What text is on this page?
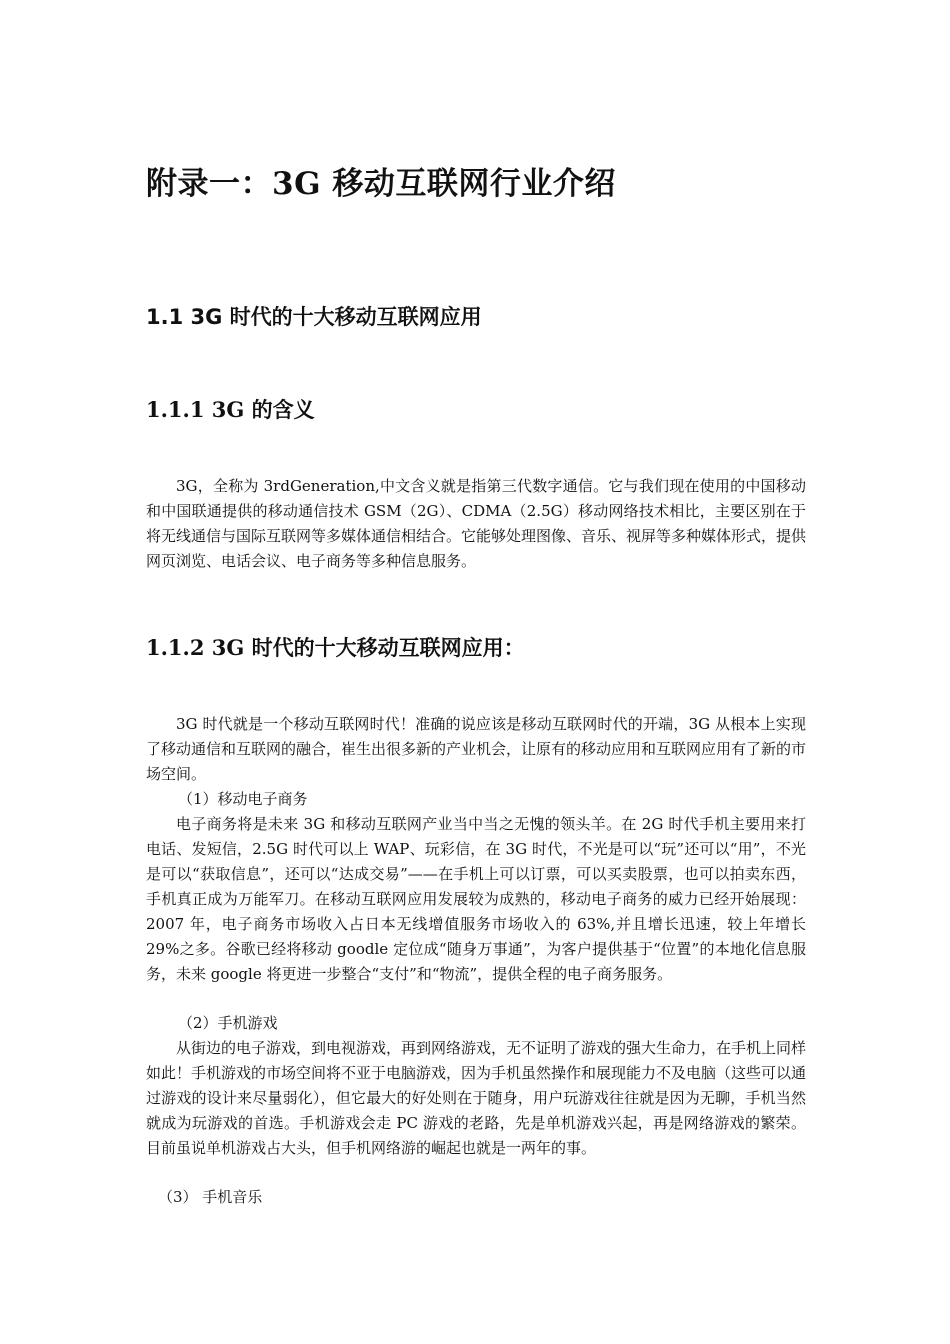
附录一：3G 移动互联网行业介绍
1.1 3G 时代的十大移动互联网应用
1.1.1 3G 的含义

3G，全称为 3rdGeneration,中文含义就是指第三代数字通信。它与我们现在使用的中国移动和中国联通提供的移动通信技术 GSM（2G）、CDMA（2.5G）移动网络技术相比，主要区别在于将无线通信与国际互联网等多媒体通信相结合。它能够处理图像、音乐、视屏等多种媒体形式，提供网页浏览、电话会议、电子商务等多种信息服务。

1.1.2 3G 时代的十大移动互联网应用：

3G 时代就是一个移动互联网时代！准确的说应该是移动互联网时代的开端，3G 从根本上实现了移动通信和互联网的融合，崔生出很多新的产业机会，让原有的移动应用和互联网应用有了新的市场空间。

（1）移动电子商务

电子商务将是未来 3G 和移动互联网产业当中当之无愧的领头羊。在 2G 时代手机主要用来打电话、发短信，2.5G 时代可以上 WAP、玩彩信，在 3G 时代，不光是可以“玩”还可以“用”，不光是可以“获取信息”，还可以“达成交易”——在手机上可以订票，可以买卖股票，也可以拍卖东西，手机真正成为万能军刀。在移动互联网应用发展较为成熟的，移动电子商务的威力已经开始展现：2007 年，电子商务市场收入占日本无线增值服务市场收入的 63%,并且增长迅速，较上年增长 29%之多。谷歌已经将移动 goodle 定位成“随身万事通”，为客户提供基于“位置”的本地化信息服务，未来 google 将更进一步整合“支付”和“物流”，提供全程的电子商务服务。

（2）手机游戏

从街边的电子游戏，到电视游戏，再到网络游戏，无不证明了游戏的强大生命力，在手机上同样如此！手机游戏的市场空间将不亚于电脑游戏，因为手机虽然操作和展现能力不及电脑（这些可以通过游戏的设计来尽量弱化），但它最大的好处则在于随身，用户玩游戏往往就是因为无聊，手机当然就成为玩游戏的首选。手机游戏会走 PC 游戏的老路，先是单机游戏兴起，再是网络游戏的繁荣。目前虽说单机游戏占大头，但手机网络游的崛起也就是一两年的事。

（3） 手机音乐
